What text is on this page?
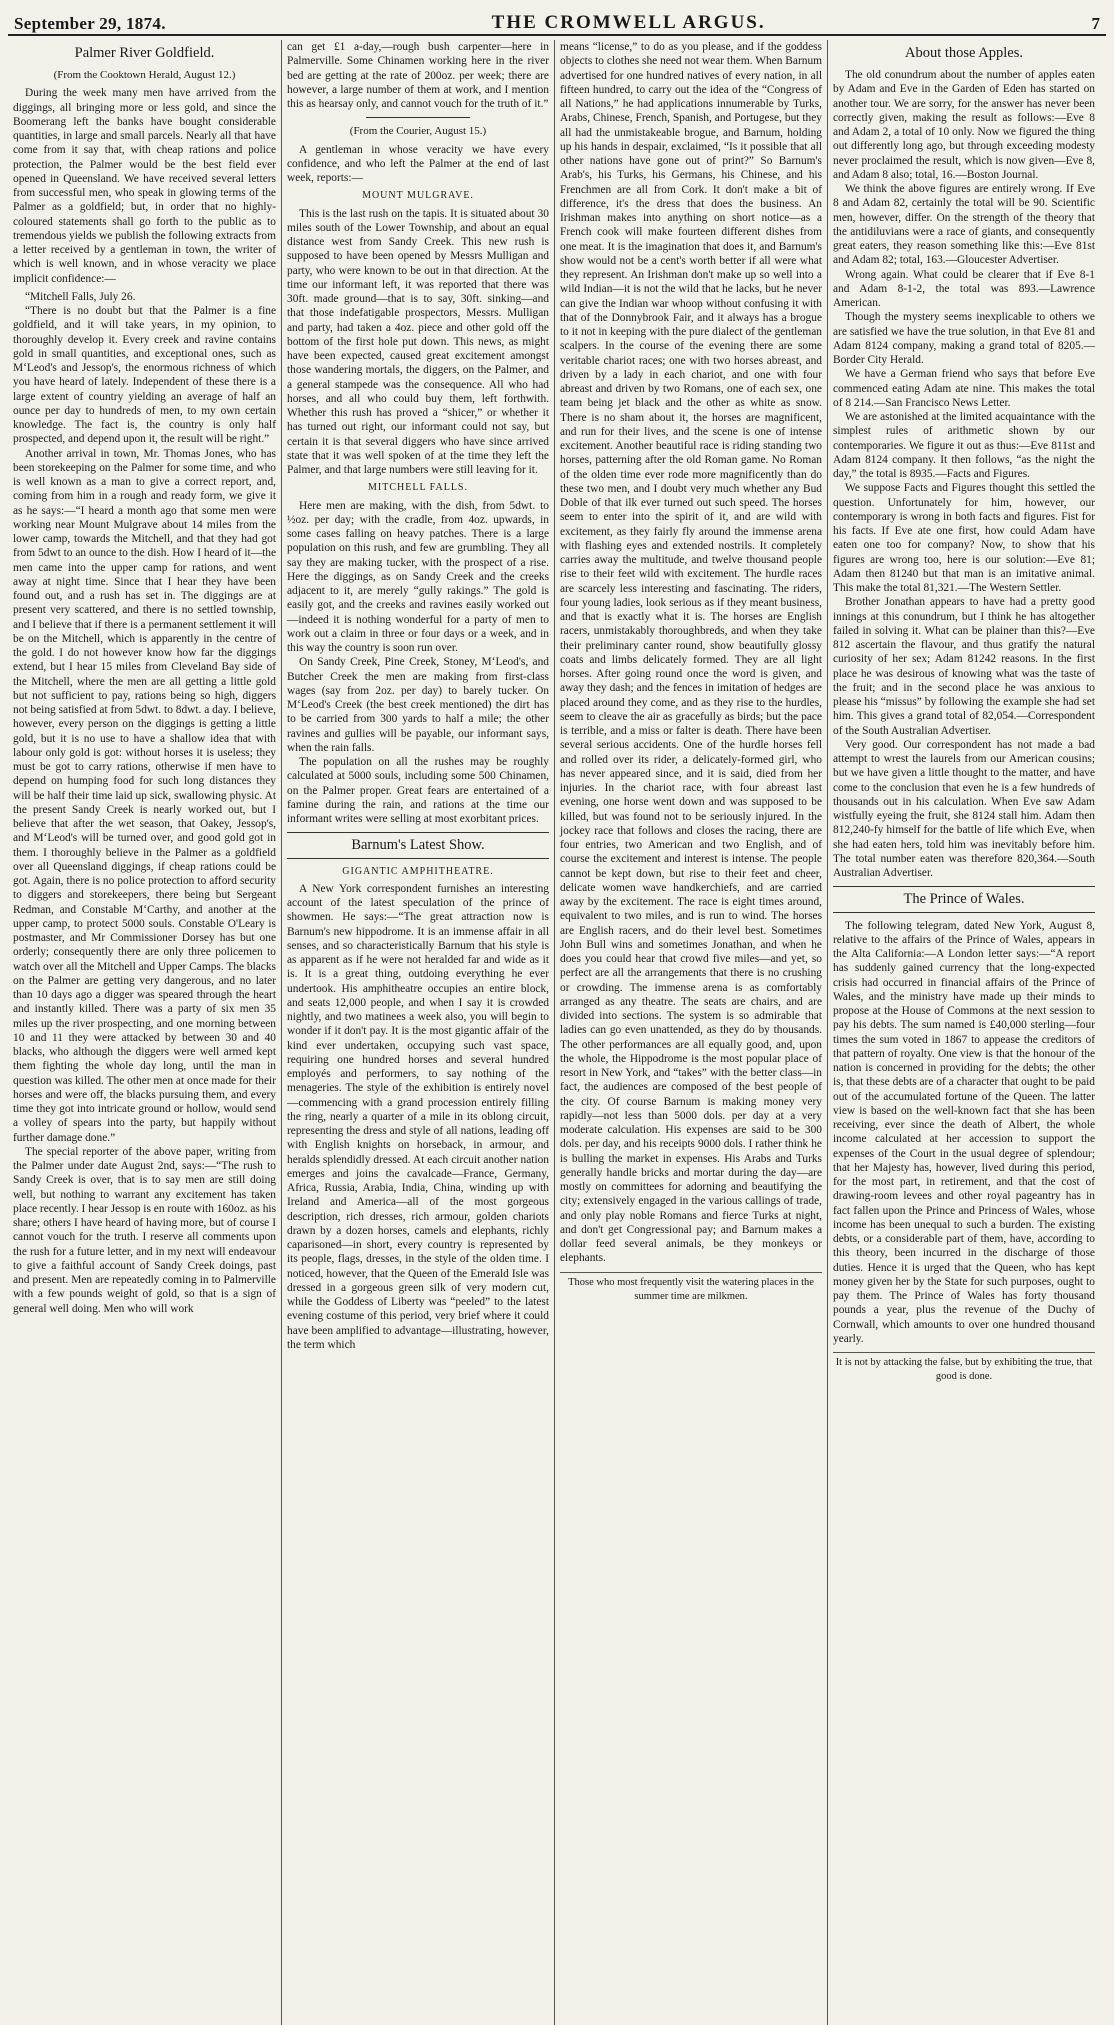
September 29, 1874.	THE CROMWELL ARGUS.	7
Palmer River Goldfield.
(From the Cooktown Herald, August 12.)

During the week many men have arrived from the diggings, all bringing more or less gold, and since the Boomerang left the banks have bought considerable quantities, in large and small parcels. Nearly all that have come from it say that, with cheap rations and police protection, the Palmer would be the best field ever opened in Queensland. We have received several letters from successful men, who speak in glowing terms of the Palmer as a goldfield; but, in order that no highly-coloured statements shall go forth to the public as to tremendous yields we publish the following extracts from a letter received by a gentleman in town, the writer of which is well known, and in whose veracity we place implicit confidence:—

“Mitchell Falls, July 26.

“There is no doubt but that the Palmer is a fine goldfield, and it will take years, in my opinion, to thoroughly develop it. Every creek and ravine contains gold in small quantities, and exceptional ones, such as M‘Leod's and Jessop's, the enormous richness of which you have heard of lately. Independent of these there is a large extent of country yielding an average of half an ounce per day to hundreds of men, to my own certain knowledge. The fact is, the country is only half prospected, and depend upon it, the result will be right.”

Another arrival in town, Mr. Thomas Jones, who has been storekeeping on the Palmer for some time, and who is well known as a man to give a correct report, and, coming from him in a rough and ready form, we give it as he says:—“I heard a month ago that some men were working near Mount Mulgrave about 14 miles from the lower camp, towards the Mitchell, and that they had got from 5dwt to an ounce to the dish. How I heard of it—the men came into the upper camp for rations, and went away at night time. Since that I hear they have been found out, and a rush has set in. The diggings are at present very scattered, and there is no settled township, and I believe that if there is a permanent settlement it will be on the Mitchell, which is apparently in the centre of the gold. I do not however know how far the diggings extend, but I hear 15 miles from Cleveland Bay side of the Mitchell, where the men are all getting a little gold but not sufficient to pay, rations being so high, diggers not being satisfied at from 5dwt. to 8dwt. a day. I believe, however, every person on the diggings is getting a little gold, but it is no use to have a shallow idea that with labour only gold is got: without horses it is useless; they must be got to carry rations, otherwise if men have to depend on humping food for such long distances they will be half their time laid up sick, swallowing physic. At the present Sandy Creek is nearly worked out, but I believe that after the wet season, that Oakey, Jessop's, and M‘Leod's will be turned over, and good gold got in them. I thoroughly believe in the Palmer as a goldfield over all Queensland diggings, if cheap rations could be got. Again, there is no police protection to afford security to diggers and storekeepers, there being but Sergeant Redman, and Constable M‘Carthy, and another at the upper camp, to protect 5000 souls. Constable O'Leary is postmaster, and Mr Commissioner Dorsey has but one orderly; consequently there are only three policemen to watch over all the Mitchell and Upper Camps. The blacks on the Palmer are getting very dangerous, and no later than 10 days ago a digger was speared through the heart and instantly killed. There was a party of six men 35 miles up the river prospecting, and one morning between 10 and 11 they were attacked by between 30 and 40 blacks, who although the diggers were well armed kept them fighting the whole day long, until the man in question was killed. The other men at once made for their horses and were off, the blacks pursuing them, and every time they got into intricate ground or hollow, would send a volley of spears into the party, but happily without further damage done.”

The special reporter of the above paper, writing from the Palmer under date August 2nd, says:—“The rush to Sandy Creek is over, that is to say men are still doing well, but nothing to warrant any excitement has taken place recently. I hear Jessop is en route with 160oz. as his share; others I have heard of having more, but of course I cannot vouch for the truth. I reserve all comments upon the rush for a future letter, and in my next will endeavour to give a faithful account of Sandy Creek doings, past and present. Men are repeatedly coming in to Palmerville with a few pounds weight of gold, so that is a sign of general well doing. Men who will work

can get £1 a-day,—rough bush carpenter—here in Palmerville. Some Chinamen working here in the river bed are getting at the rate of 200oz. per week; there are however, a large number of them at work, and I mention this as hearsay only, and cannot vouch for the truth of it.”

(From the Courier, August 15.)

A gentleman in whose veracity we have every confidence, and who left the Palmer at the end of last week, reports:—

MOUNT MULGRAVE.

This is the last rush on the tapis. It is situated about 30 miles south of the Lower Township, and about an equal distance west from Sandy Creek. This new rush is supposed to have been opened by Messrs Mulligan and party, who were known to be out in that direction. At the time our informant left, it was reported that there was 30ft. made ground—that is to say, 30ft. sinking—and that those indefatigable prospectors, Messrs. Mulligan and party, had taken a 4oz. piece and other gold off the bottom of the first hole put down. This news, as might have been expected, caused great excitement amongst those wandering mortals, the diggers, on the Palmer, and a general stampede was the consequence. All who had horses, and all who could buy them, left forthwith. Whether this rush has proved a “shicer,” or whether it has turned out right, our informant could not say, but certain it is that several diggers who have since arrived state that it was well spoken of at the time they left the Palmer, and that large numbers were still leaving for it.

MITCHELL FALLS.

Here men are making, with the dish, from 5dwt. to ½oz. per day; with the cradle, from 4oz. upwards, in some cases falling on heavy patches. There is a large population on this rush, and few are grumbling. They all say they are making tucker, with the prospect of a rise. Here the diggings, as on Sandy Creek and the creeks adjacent to it, are merely “gully rakings.” The gold is easily got, and the creeks and ravines easily worked out—indeed it is nothing wonderful for a party of men to work out a claim in three or four days or a week, and in this way the country is soon run over.

On Sandy Creek, Pine Creek, Stoney, M‘Leod's, and Butcher Creek the men are making from first-class wages (say from 2oz. per day) to barely tucker. On M‘Leod's Creek (the best creek mentioned) the dirt has to be carried from 300 yards to half a mile; the other ravines and gullies will be payable, our informant says, when the rain falls.

The population on all the rushes may be roughly calculated at 5000 souls, including some 500 Chinamen, on the Palmer proper. Great fears are entertained of a famine during the rain, and rations at the time our informant writes were selling at most exorbitant prices.

Barnum's Latest Show.
GIGANTIC AMPHITHEATRE.

A New York correspondent furnishes an interesting account of the latest speculation of the prince of showmen. He says:—“The great attraction now is Barnum's new hippodrome. It is an immense affair in all senses, and so characteristically Barnum that his style is as apparent as if he were not heralded far and wide as it is. It is a great thing, outdoing everything he ever undertook. His amphitheatre occupies an entire block, and seats 12,000 people, and when I say it is crowded nightly, and two matinees a week also, you will begin to wonder if it don't pay. It is the most gigantic affair of the kind ever undertaken, occupying such vast space, requiring one hundred horses and several hundred employés and performers, to say nothing of the menageries. The style of the exhibition is entirely novel—commencing with a grand procession entirely filling the ring, nearly a quarter of a mile in its oblong circuit, representing the dress and style of all nations, leading off with English knights on horseback, in armour, and heralds splendidly dressed. At each circuit another nation emerges and joins the cavalcade—France, Germany, Africa, Russia, Arabia, India, China, winding up with Ireland and America—all of the most gorgeous description, rich dresses, rich armour, golden chariots drawn by a dozen horses, camels and elephants, richly caparisoned—in short, every country is represented by its people, flags, dresses, in the style of the olden time. I noticed, however, that the Queen of the Emerald Isle was dressed in a gorgeous green silk of very modern cut, while the Goddess of Liberty was “peeled” to the latest evening costume of this period, very brief where it could have been amplified to advantage—illustrating, however, the term which

means “license,” to do as you please, and if the goddess objects to clothes she need not wear them. When Barnum advertised for one hundred natives of every nation, in all fifteen hundred, to carry out the idea of the “Congress of all Nations,” he had applications innumerable by Turks, Arabs, Chinese, French, Spanish, and Portugese, but they all had the unmistakeable brogue, and Barnum, holding up his hands in despair, exclaimed, “Is it possible that all other nations have gone out of print?” So Barnum's Arab's, his Turks, his Germans, his Chinese, and his Frenchmen are all from Cork. It don't make a bit of difference, it's the dress that does the business. An Irishman makes into anything on short notice—as a French cook will make fourteen different dishes from one meat. It is the imagination that does it, and Barnum's show would not be a cent's worth better if all were what they represent. An Irishman don't make up so well into a wild Indian—it is not the wild that he lacks, but he never can give the Indian war whoop without confusing it with that of the Donnybrook Fair, and it always has a brogue to it not in keeping with the pure dialect of the gentleman scalpers. In the course of the evening there are some veritable chariot races; one with two horses abreast, and driven by a lady in each chariot, and one with four abreast and driven by two Romans, one of each sex, one team being jet black and the other as white as snow. There is no sham about it, the horses are magnificent, and run for their lives, and the scene is one of intense excitement. Another beautiful race is riding standing two horses, patterning after the old Roman game. No Roman of the olden time ever rode more magnificently than do these two men, and I doubt very much whether any Bud Doble of that ilk ever turned out such speed. The horses seem to enter into the spirit of it, and are wild with excitement, as they fairly fly around the immense arena with flashing eyes and extended nostrils. It completely carries away the multitude, and twelve thousand people rise to their feet wild with excitement. The hurdle races are scarcely less interesting and fascinating. The riders, four young ladies, look serious as if they meant business, and that is exactly what it is. The horses are English racers, unmistakably thoroughbreds, and when they take their preliminary canter round, show beautifully glossy coats and limbs delicately formed. They are all light horses. After going round once the word is given, and away they dash; and the fences in imitation of hedges are placed around they come, and as they rise to the hurdles, seem to cleave the air as gracefully as birds; but the pace is terrible, and a miss or falter is death. There have been several serious accidents. One of the hurdle horses fell and rolled over its rider, a delicately-formed girl, who has never appeared since, and it is said, died from her injuries. In the chariot race, with four abreast last evening, one horse went down and was supposed to be killed, but was found not to be seriously injured. In the jockey race that follows and closes the racing, there are four entries, two American and two English, and of course the excitement and interest is intense. The people cannot be kept down, but rise to their feet and cheer, delicate women wave handkerchiefs, and are carried away by the excitement. The race is eight times around, equivalent to two miles, and is run to wind. The horses are English racers, and do their level best. Sometimes John Bull wins and sometimes Jonathan, and when he does you could hear that crowd five miles—and yet, so perfect are all the arrangements that there is no crushing or crowding. The immense arena is as comfortably arranged as any theatre. The seats are chairs, and are divided into sections. The system is so admirable that ladies can go even unattended, as they do by thousands. The other performances are all equally good, and, upon the whole, the Hippodrome is the most popular place of resort in New York, and “takes” with the better class—in fact, the audiences are composed of the best people of the city. Of course Barnum is making money very rapidly—not less than 5000 dols. per day at a very moderate calculation. His expenses are said to be 300 dols. per day, and his receipts 9000 dols. I rather think he is bulling the market in expenses. His Arabs and Turks generally handle bricks and mortar during the day—are mostly on committees for adorning and beautifying the city; extensively engaged in the various callings of trade, and only play noble Romans and fierce Turks at night, and don't get Congressional pay; and Barnum makes a dollar feed several animals, be they monkeys or elephants.

Those who most frequently visit the watering places in the summer time are milkmen.
About those Apples.

The old conundrum about the number of apples eaten by Adam and Eve in the Garden of Eden has started on another tour. We are sorry, for the answer has never been correctly given, making the result as follows:—Eve 8 and Adam 2, a total of 10 only. Now we figured the thing out differently long ago, but through exceeding modesty never proclaimed the result, which is now given—Eve 8, and Adam 8 also; total, 16.—Boston Journal.

We think the above figures are entirely wrong. If Eve 8 and Adam 82, certainly the total will be 90. Scientific men, however, differ. On the strength of the theory that the antidiluvians were a race of giants, and consequently great eaters, they reason something like this:—Eve 81st and Adam 82; total, 163.—Gloucester Advertiser.

Wrong again. What could be clearer that if Eve 8-1 and Adam 8-1-2, the total was 893.—Lawrence American.

Though the mystery seems inexplicable to others we are satisfied we have the true solution, in that Eve 81 and Adam 8124 company, making a grand total of 8205.—Border City Herald.

We have a German friend who says that before Eve commenced eating Adam ate nine. This makes the total of 8 214.—San Francisco News Letter.

We are astonished at the limited acquaintance with the simplest rules of arithmetic shown by our contemporaries. We figure it out as thus:—Eve 811st and Adam 8124 company. It then follows, “as the night the day,” the total is 8935.—Facts and Figures.

We suppose Facts and Figures thought this settled the question. Unfortunately for him, however, our contemporary is wrong in both facts and figures. Fist for his facts. If Eve ate one first, how could Adam have eaten one too for company? Now, to show that his figures are wrong too, here is our solution:—Eve 81; Adam then 81240 but that man is an imitative animal. This make the total 81,321.—The Western Settler.

Brother Jonathan appears to have had a pretty good innings at this conundrum, but I think he has altogether failed in solving it. What can be plainer than this?—Eve 812 ascertain the flavour, and thus gratify the natural curiosity of her sex; Adam 81242 reasons. In the first place he was desirous of knowing what was the taste of the fruit; and in the second place he was anxious to please his “missus” by following the example she had set him. This gives a grand total of 82,054.—Correspondent of the South Australian Advertiser.

Very good. Our correspondent has not made a bad attempt to wrest the laurels from our American cousins; but we have given a little thought to the matter, and have come to the conclusion that even he is a few hundreds of thousands out in his calculation. When Eve saw Adam wistfully eyeing the fruit, she 8124 stall him. Adam then 812,240-fy himself for the battle of life which Eve, when she had eaten hers, told him was inevitably before him. The total number eaten was therefore 820,364.—South Australian Advertiser.

The Prince of Wales.

The following telegram, dated New York, August 8, relative to the affairs of the Prince of Wales, appears in the Alta California:—A London letter says:—“A report has suddenly gained currency that the long-expected crisis had occurred in financial affairs of the Prince of Wales, and the ministry have made up their minds to propose at the House of Commons at the next session to pay his debts. The sum named is £40,000 sterling—four times the sum voted in 1867 to appease the creditors of that pattern of royalty. One view is that the honour of the nation is concerned in providing for the debts; the other is, that these debts are of a character that ought to be paid out of the accumulated fortune of the Queen. The latter view is based on the well-known fact that she has been receiving, ever since the death of Albert, the whole income calculated at her accession to support the expenses of the Court in the usual degree of splendour; that her Majesty has, however, lived during this period, for the most part, in retirement, and that the cost of drawing-room levees and other royal pageantry has in fact fallen upon the Prince and Princess of Wales, whose income has been unequal to such a burden. The existing debts, or a considerable part of them, have, according to this theory, been incurred in the discharge of those duties. Hence it is urged that the Queen, who has kept money given her by the State for such purposes, ought to pay them. The Prince of Wales has forty thousand pounds a year, plus the revenue of the Duchy of Cornwall, which amounts to over one hundred thousand yearly.

It is not by attacking the false, but by exhibiting the true, that good is done.
